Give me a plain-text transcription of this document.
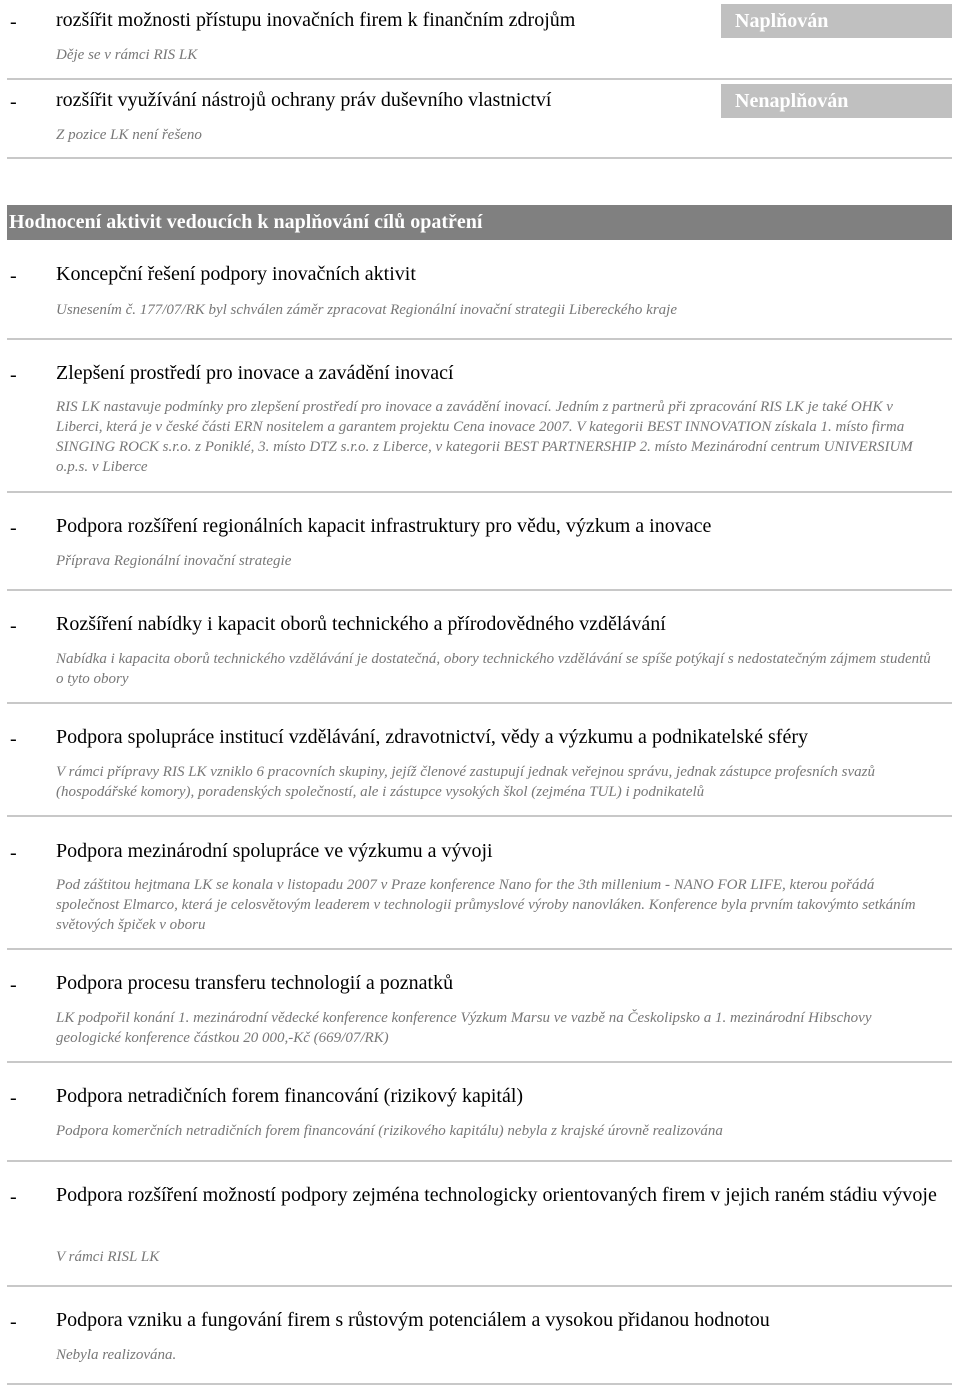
- rozšířit možnosti přístupu inovačních firem k finančním zdrojům
Děje se v rámci RIS LK
Naplňován
- rozšířit využívání nástrojů ochrany práv duševního vlastnictví
Z pozice LK není řešeno
Nenaplňován
Hodnocení aktivit vedoucích k naplňování cílů opatření
- Koncepční řešení podpory inovačních aktivit
Usnesením č. 177/07/RK byl schválen záměr zpracovat Regionální inovační strategii Libereckého kraje
- Zlepšení prostředí pro inovace a zavádění inovací
RIS LK nastavuje podmínky pro zlepšení prostředí pro inovace a zavádění inovací. Jedním z partnerů při zpracování RIS LK je také OHK v Liberci, která je v české části ERN nositelem a garantem projektu Cena inovace 2007. V kategorii BEST INNOVATION získala 1. místo firma SINGING ROCK s.r.o. z Poniklé, 3. místo DTZ s.r.o. z Liberce, v kategorii BEST PARTNERSHIP 2. místo Mezinárodní centrum UNIVERSIUM o.p.s. v Liberce
- Podpora rozšíření regionálních kapacit infrastruktury pro vědu, výzkum a inovace
Příprava Regionální inovační strategie
- Rozšíření nabídky i kapacit oborů technického a přírodovědného vzdělávání
Nabídka i kapacita oborů technického vzdělávání je dostatečná, obory technického vzdělávání se spíše potýkají s nedostatečným zájmem studentů o tyto obory
- Podpora spolupráce institucí vzdělávání, zdravotnictví, vědy a výzkumu a podnikatelské sféry
V rámci přípravy RIS LK vzniklo 6 pracovních skupiny, jejíž členové zastupují jednak veřejnou správu, jednak zástupce profesních svazů (hospodářské komory), poradenských společností, ale i zástupce vysokých škol (zejména TUL) i podnikatelů
- Podpora mezinárodní spolupráce ve výzkumu a vývoji
Pod záštitou hejtmana LK se konala v listopadu 2007 v Praze konference Nano for the 3th millenium - NANO FOR LIFE, kterou pořádá společnost Elmarco, která je celosvětovým leaderem v technologii průmyslové výroby nanovláken. Konference byla prvním takovýmto setkáním světových špiček v oboru
- Podpora procesu transferu technologií a poznatků
LK podpořil konání 1. mezinárodní vědecké konference konference Výzkum Marsu ve vazbě na Českolipsko a 1. mezinárodní Hibschovy geologické konference částkou 20 000,-Kč (669/07/RK)
- Podpora netradičních forem financování (rizikový kapitál)
Podpora komerčních netradičních forem financování (rizikového kapitálu) nebyla z krajské úrovně realizována
- Podpora rozšíření možností podpory zejména technologicky orientovaných firem v jejich raném stádiu vývoje
V rámci RISL LK
- Podpora vzniku a fungování firem s růstovým potenciálem a vysokou přidanou hodnotou
Nebyla realizována.
